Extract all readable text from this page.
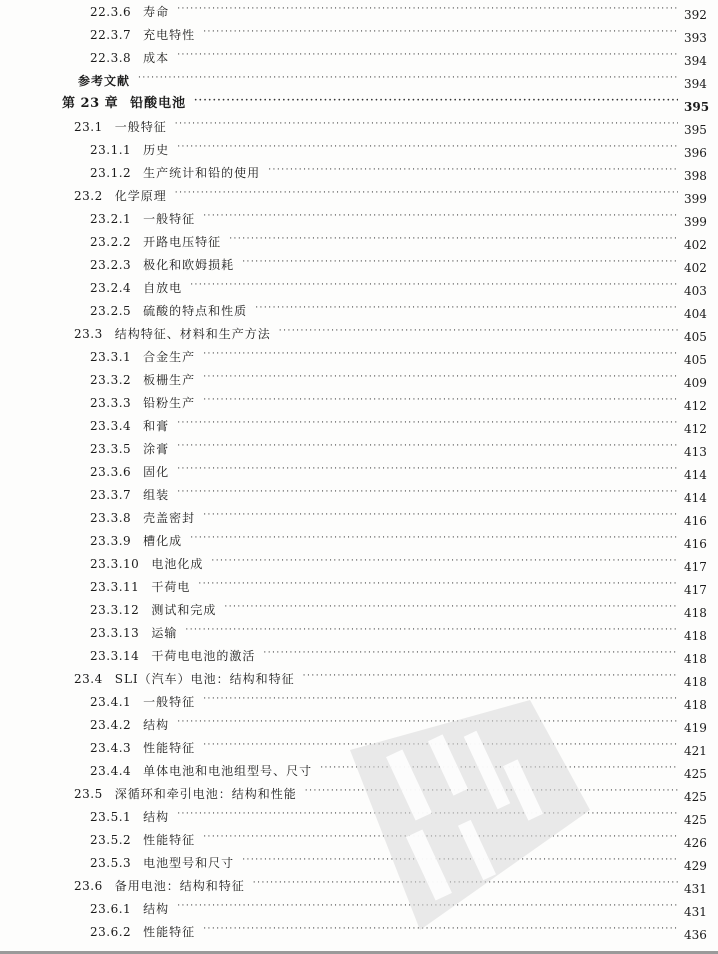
22.3.6 寿命 ·····	392
22.3.7 充电特性 ·····	393
22.3.8 成本 ·····	394
参考文献 ·····	394
第 23 章 铅酸电池 ·····	395
23.1 一般特征 ·····	395
23.1.1 历史 ·····	396
23.1.2 生产统计和铅的使用 ·····	398
23.2 化学原理 ·····	399
23.2.1 一般特征 ·····	399
23.2.2 开路电压特征 ·····	402
23.2.3 极化和欧姆损耗 ·····	402
23.2.4 自放电 ·····	403
23.2.5 硫酸的特点和性质 ·····	404
23.3 结构特征、材料和生产方法 ·····	405
23.3.1 合金生产 ·····	405
23.3.2 板栅生产 ·····	409
23.3.3 铅粉生产 ·····	412
23.3.4 和膏 ·····	412
23.3.5 涂膏 ·····	413
23.3.6 固化 ·····	414
23.3.7 组装 ·····	414
23.3.8 壳盖密封 ·····	416
23.3.9 槽化成 ·····	416
23.3.10 电池化成 ·····	417
23.3.11 干荷电 ·····	417
23.3.12 测试和完成 ·····	418
23.3.13 运输 ·····	418
23.3.14 干荷电电池的激活 ·····	418
23.4 SLI（汽车）电池：结构和特征 ·····	418
23.4.1 一般特征 ·····	418
23.4.2 结构 ·····	419
23.4.3 性能特征 ·····	421
23.4.4 单体电池和电池组型号、尺寸 ·····	425
23.5 深循环和牵引电池：结构和性能 ·····	425
23.5.1 结构 ·····	425
23.5.2 性能特征 ·····	426
23.5.3 电池型号和尺寸 ·····	429
23.6 备用电池：结构和特征 ·····	431
23.6.1 结构 ·····	431
23.6.2 性能特征 ·····	436
